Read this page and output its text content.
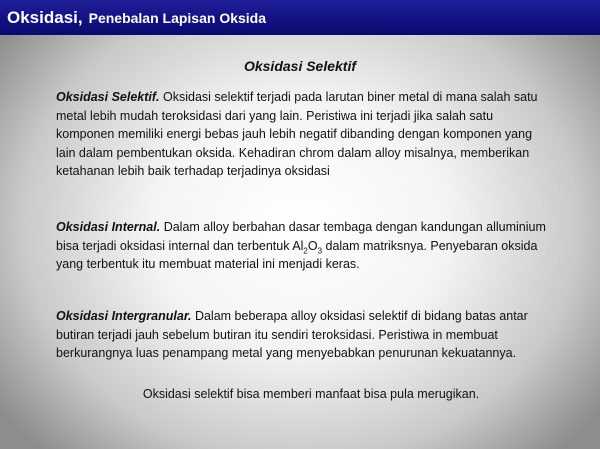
Oksidasi , Penebalan Lapisan Oksida
Oksidasi Selektif
Oksidasi Selektif. Oksidasi selektif terjadi pada larutan biner metal di mana salah satu metal lebih mudah teroksidasi dari yang lain. Peristiwa ini terjadi jika salah satu komponen memiliki energi bebas jauh lebih negatif dibanding dengan komponen yang lain dalam pembentukan oksida. Kehadiran chrom dalam alloy misalnya, memberikan ketahanan lebih baik terhadap terjadinya oksidasi
Oksidasi Internal. Dalam alloy berbahan dasar tembaga dengan kandungan alluminium bisa terjadi oksidasi internal dan terbentuk $Al_2O_3$ dalam matriksnya. Penyebaran oksida yang terbentuk itu membuat material ini menjadi keras.
Oksidasi Intergranular. Dalam beberapa alloy oksidasi selektif di bidang batas antar butiran terjadi jauh sebelum butiran itu sendiri teroksidasi. Peristiwa in membuat berkurangnya luas penampang metal yang menyebabkan penurunan kekuatannya.
Oksidasi selektif bisa memberi manfaat bisa pula merugikan.
